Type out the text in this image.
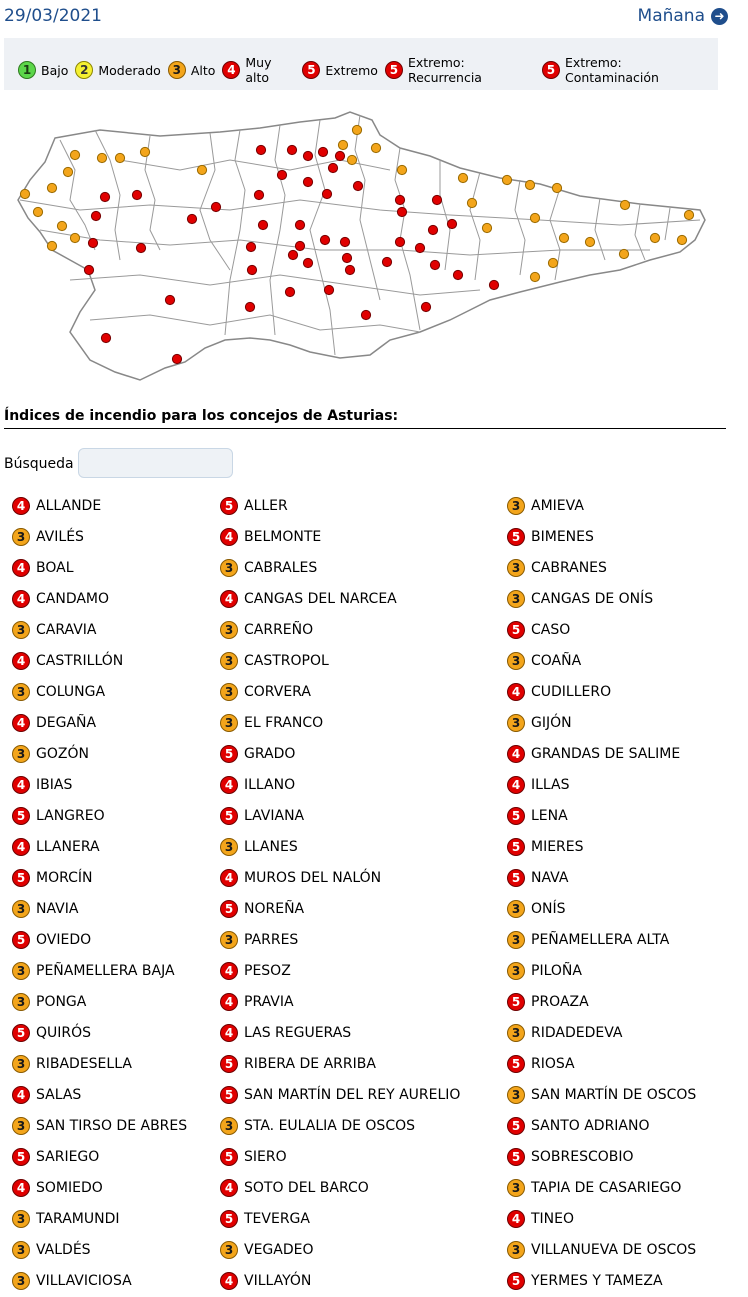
29/03/2021	Mañana ➜
1 Bajo 2 Moderado 3 Alto 4 Muy alto	5 Extremo 5 Extremo: Recurrencia	5 Extremo: Contaminación
Índices de incendio para los concejos de Asturias:
Búsqueda
4 ALLANDE
3 AVILÉS
4 BOAL
4 CANDAMO
3 CARAVIA
4 CASTRILLÓN
3 COLUNGA
4 DEGAÑA
3 GOZÓN
4 IBIAS
5 LANGREO
4 LLANERA
5 MORCÍN
3 NAVIA
5 OVIEDO
3 PEÑAMELLERA BAJA
3 PONGA
5 QUIRÓS
3 RIBADESELLA
4 SALAS
3 SAN TIRSO DE ABRES
5 SARIEGO
4 SOMIEDO
3 TARAMUNDI
3 VALDÉS
3 VILLAVICIOSA
5 ALLER
4 BELMONTE
3 CABRALES
4 CANGAS DEL NARCEA
3 CARREÑO
3 CASTROPOL
3 CORVERA
3 EL FRANCO
5 GRADO
4 ILLANO
5 LAVIANA
3 LLANES
4 MUROS DEL NALÓN
5 NOREÑA
3 PARRES
4 PESOZ
4 PRAVIA
4 LAS REGUERAS
5 RIBERA DE ARRIBA
5 SAN MARTÍN DEL REY AURELIO
3 STA. EULALIA DE OSCOS
5 SIERO
4 SOTO DEL BARCO
5 TEVERGA
3 VEGADEO
4 VILLAYÓN
3 AMIEVA
5 BIMENES
3 CABRANES
3 CANGAS DE ONÍS
5 CASO
3 COAÑA
4 CUDILLERO
3 GIJÓN
4 GRANDAS DE SALIME
4 ILLAS
5 LENA
5 MIERES
5 NAVA
3 ONÍS
3 PEÑAMELLERA ALTA
3 PILOÑA
5 PROAZA
3 RIDADEDEVA
5 RIOSA
3 SAN MARTÍN DE OSCOS
5 SANTO ADRIANO
5 SOBRESCOBIO
3 TAPIA DE CASARIEGO
4 TINEO
3 VILLANUEVA DE OSCOS
5 YERMES Y TAMEZA
